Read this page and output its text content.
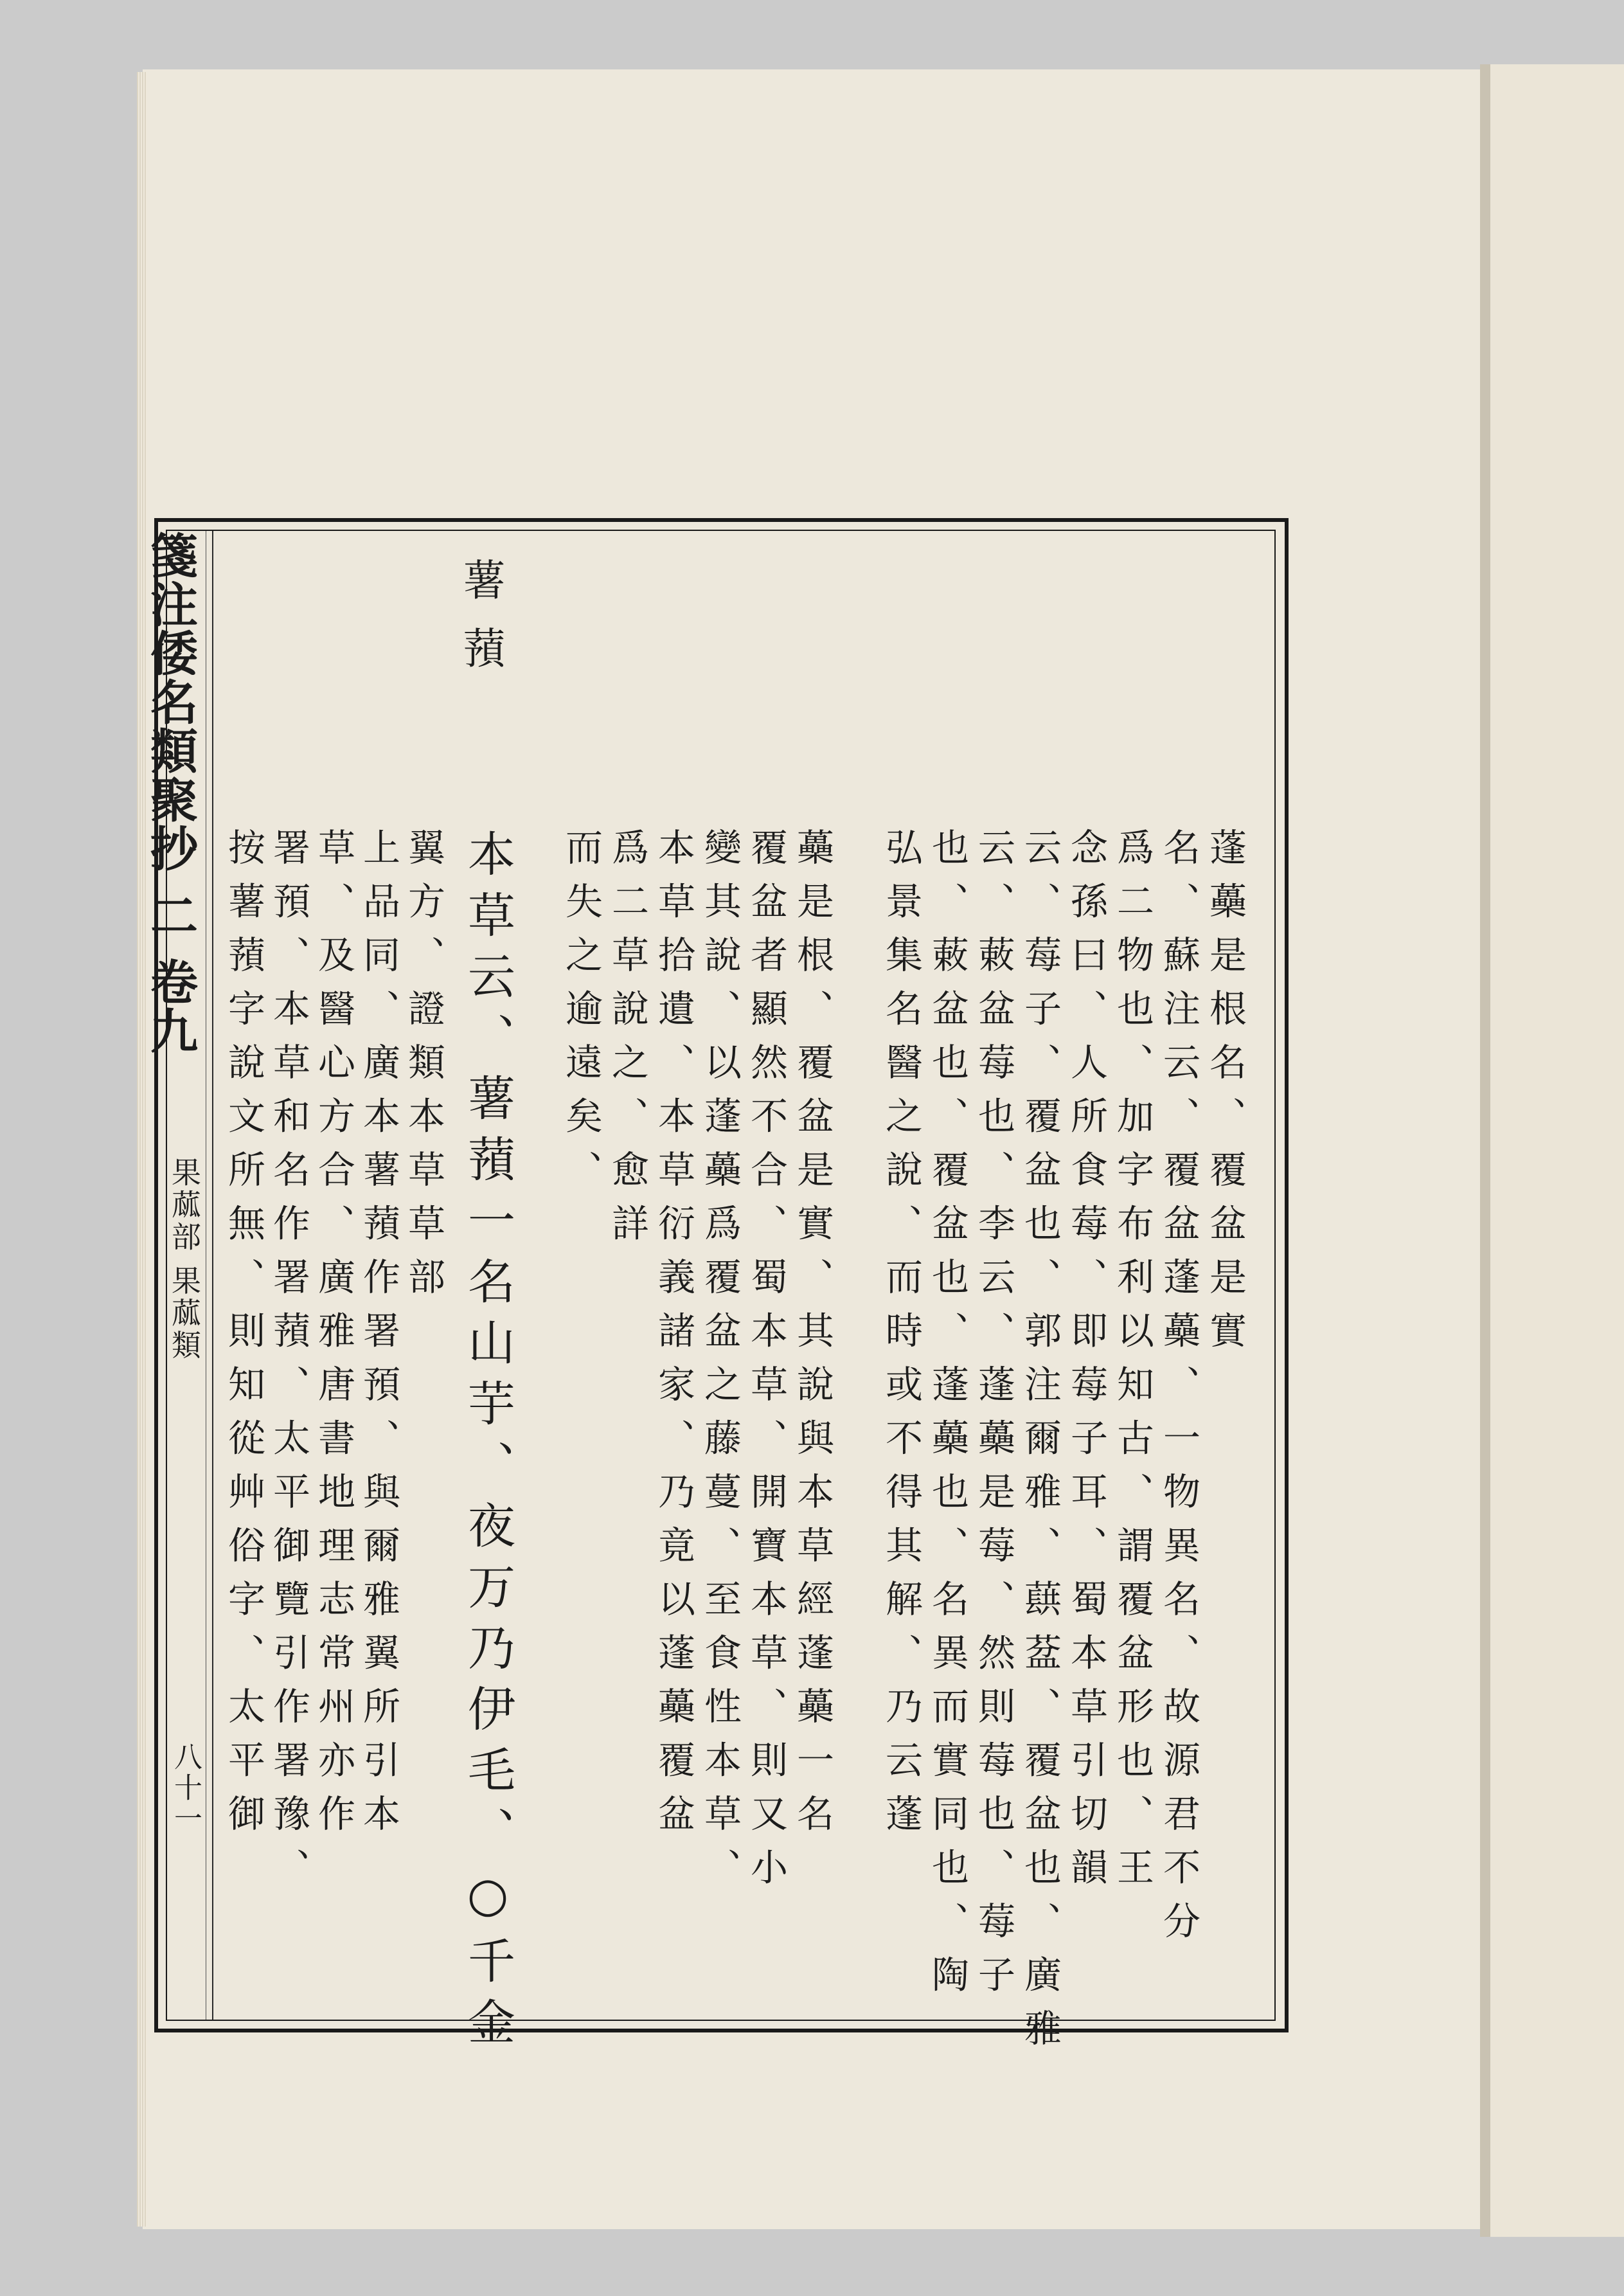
箋注倭名類聚抄 二 卷九
果蓏部 果蓏類
八十一
薯蕷
蓬蘽是根名、覆盆是實
名、蘇注云、覆盆蓬蘽、一物異名、故源君不分
爲二物也、加字布利以知古、謂覆盆形也、王
念孫曰、人所食莓、即莓子耳、蜀本草引切韻
云、莓子、覆盆也、郭注爾雅、蕻葐、覆盆也、廣雅
云、䔩盆莓也、李云、蓬蘽是莓、然則莓也、莓子
也、䔩盆也、覆盆也、蓬蘽也、名異而實同也、陶
弘景集名醫之說、而時或不得其解、乃云蓬
蘽是根、覆盆是實、其說與本草經蓬蘽一名
覆盆者顯然不合、蜀本草、開寶本草、則又小
變其說、以蓬蘽爲覆盆之藤蔓、至食性本草、
本草拾遺、本草衍義諸家、乃竟以蓬蘽覆盆
爲二草說之、愈詳
而失之逾遠矣、
本草云、薯蕷一名山芋、夜万乃伊毛、○千金
翼方、證類本草草部
上品同、廣本薯蕷作署預、與爾雅翼所引本
草、及醫心方合、廣雅唐書地理志常州亦作
署預、本草和名作署蕷、太平御覽引作署豫、
按薯蕷字說文所無、則知從艸俗字、太平御
